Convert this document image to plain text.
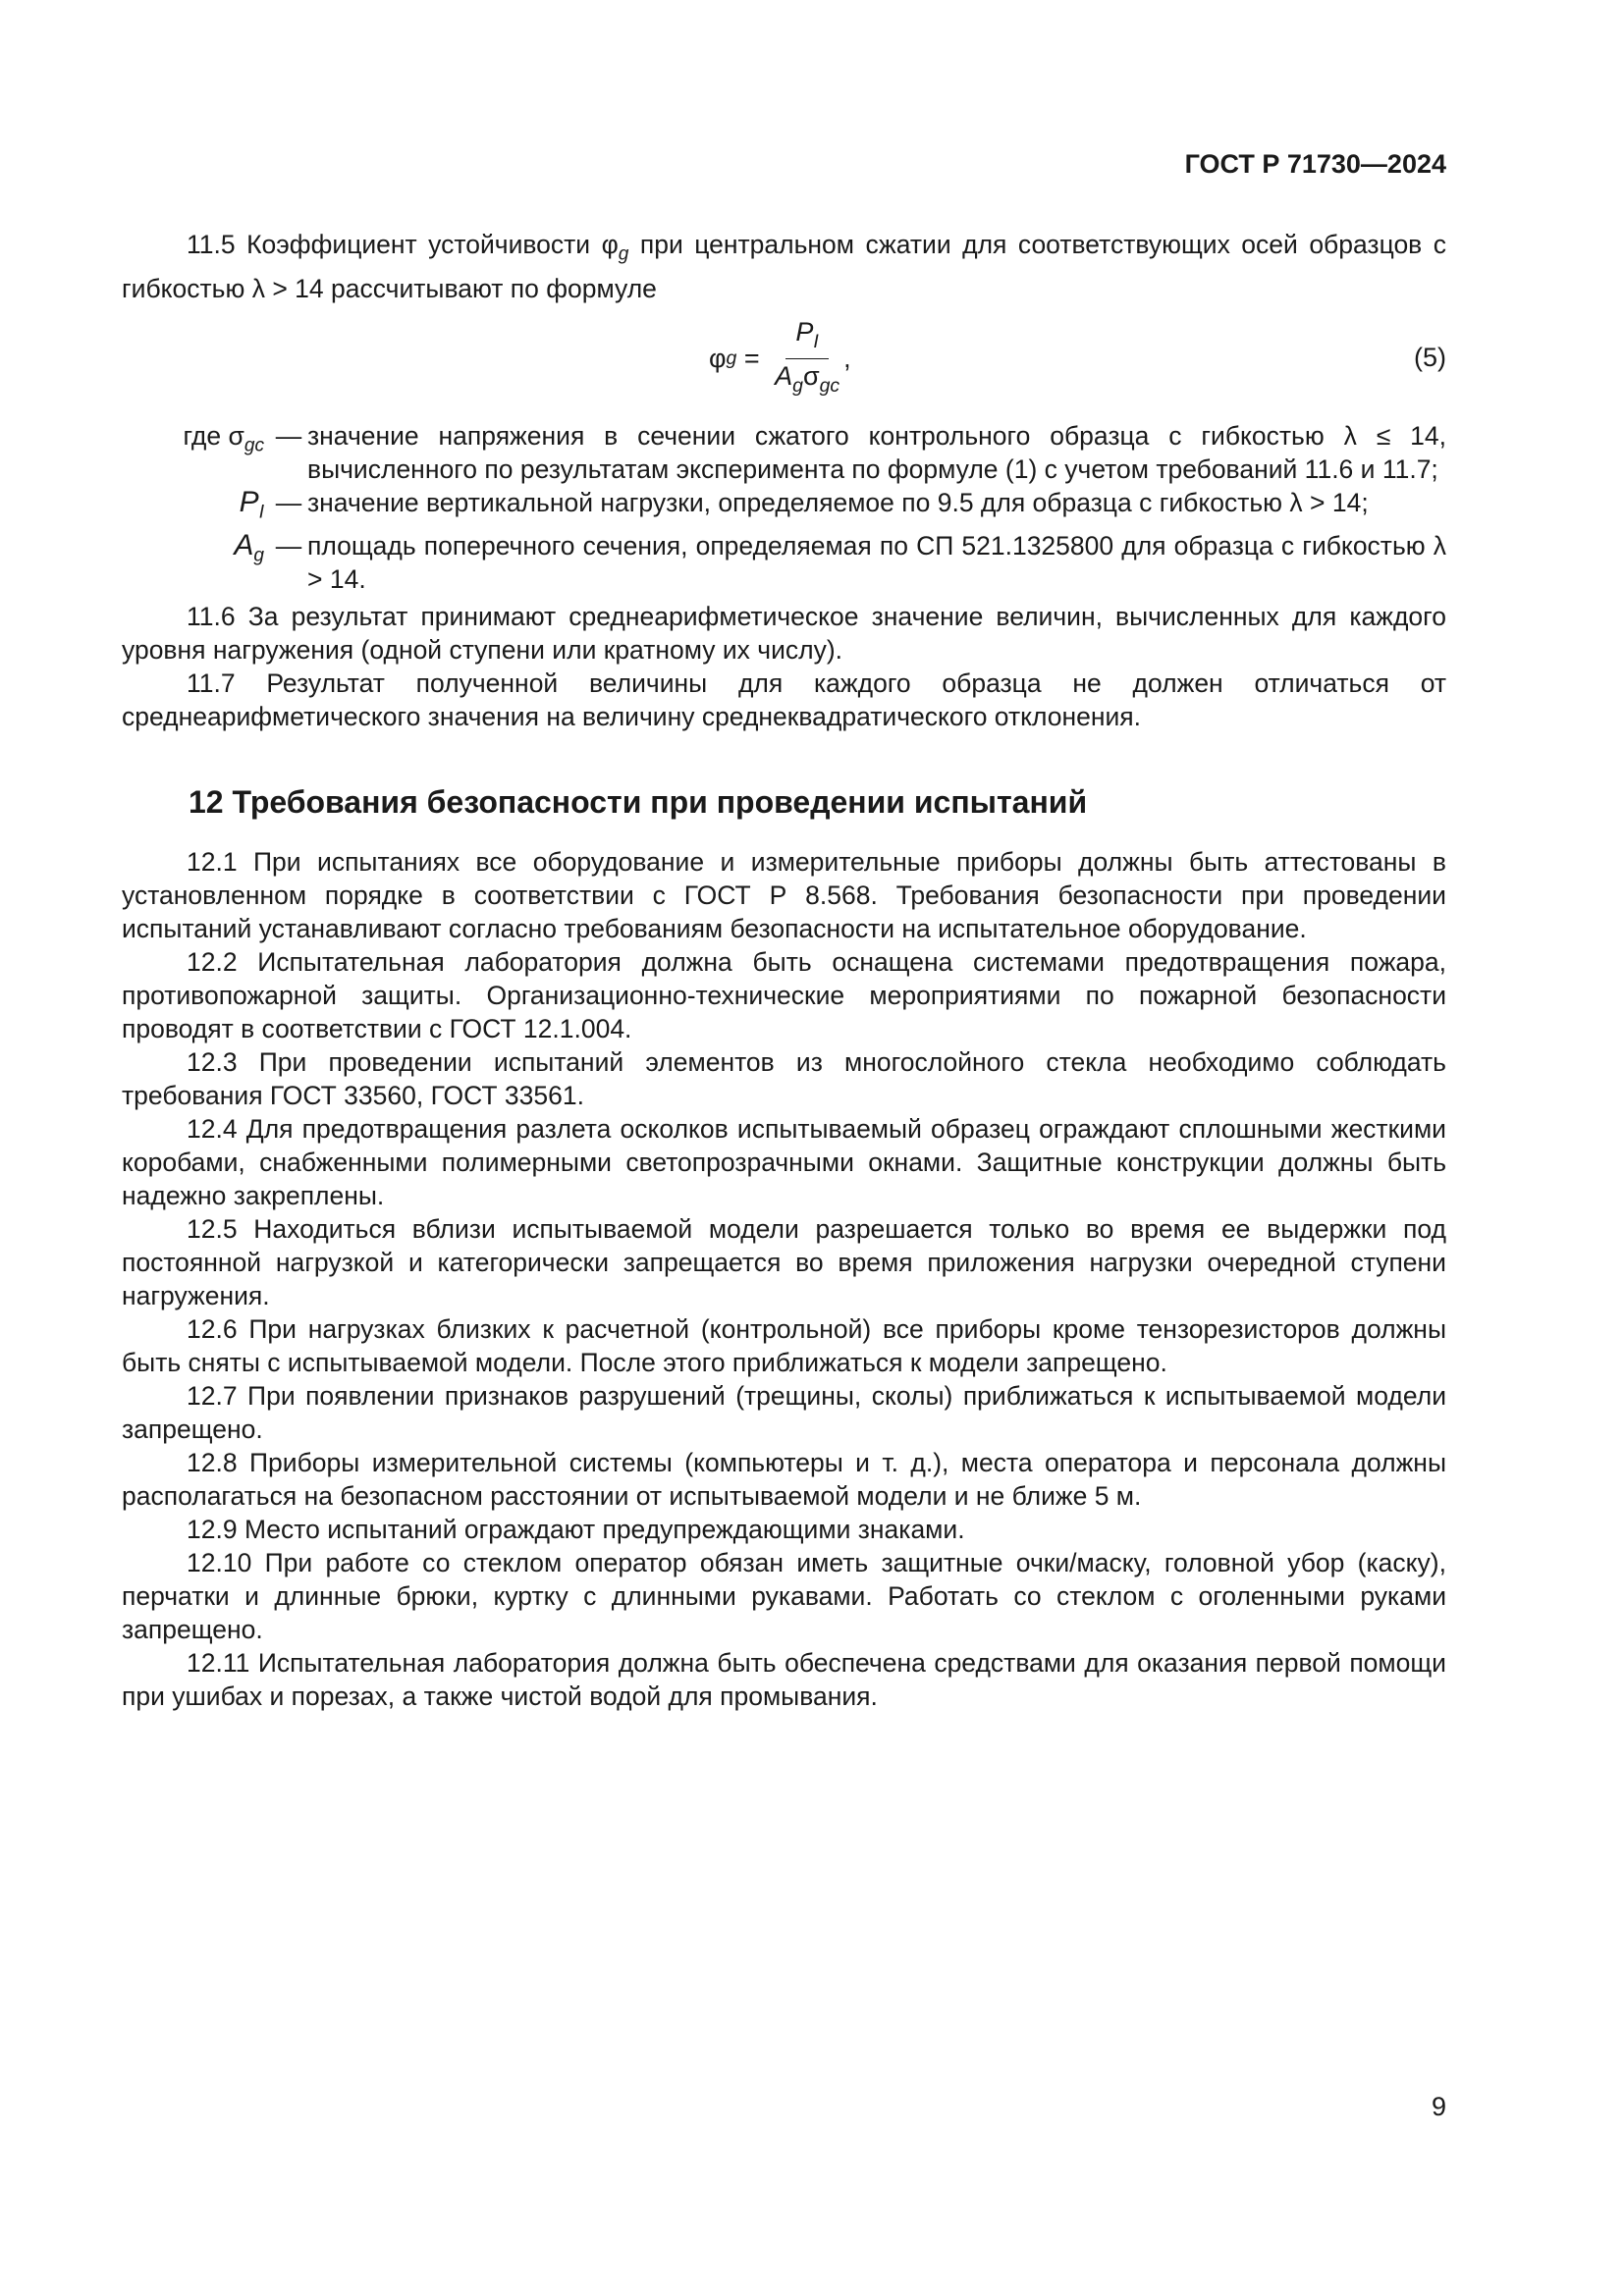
ГОСТ Р 71730—2024

11.5 Коэффициент устойчивости $\varphi_g$ при центральном сжатии для соответствующих осей образцов с гибкостью λ > 14 рассчитывают по формуле

φ $g = \frac{P_I}{A_g\sigma_{gc}}$ ,	(5)
где $\sigma_{gc}$	—	значение напряжения в сечении сжатого контрольного образца с гибкостью λ ≤ 14, вычисленного по результатам эксперимента по формуле (1) с учетом требований 11.6 и 11.7;
$P_I$	—	значение вертикальной нагрузки, определяемое по 9.5 для образца с гибкостью λ > 14;
$A_g$	—	площадь поперечного сечения, определяемая по СП 521.1325800 для образца с гибкостью λ > 14.

11.6 За результат принимают среднеарифметическое значение величин, вычисленных для каждого уровня нагружения (одной ступени или кратному их числу).

11.7 Результат полученной величины для каждого образца не должен отличаться от среднеарифметического значения на величину среднеквадратического отклонения.

12 Требования безопасности при проведении испытаний

12.1 При испытаниях все оборудование и измерительные приборы должны быть аттестованы в установленном порядке в соответствии с ГОСТ Р 8.568. Требования безопасности при проведении испытаний устанавливают согласно требованиям безопасности на испытательное оборудование.

12.2 Испытательная лаборатория должна быть оснащена системами предотвращения пожара, противопожарной защиты. Организационно-технические мероприятиями по пожарной безопасности проводят в соответствии с ГОСТ 12.1.004.

12.3 При проведении испытаний элементов из многослойного стекла необходимо соблюдать требования ГОСТ 33560, ГОСТ 33561.

12.4 Для предотвращения разлета осколков испытываемый образец ограждают сплошными жесткими коробами, снабженными полимерными светопрозрачными окнами. Защитные конструкции должны быть надежно закреплены.

12.5 Находиться вблизи испытываемой модели разрешается только во время ее выдержки под постоянной нагрузкой и категорически запрещается во время приложения нагрузки очередной ступени нагружения.

12.6 При нагрузках близких к расчетной (контрольной) все приборы кроме тензорезисторов должны быть сняты с испытываемой модели. После этого приближаться к модели запрещено.

12.7 При появлении признаков разрушений (трещины, сколы) приближаться к испытываемой модели запрещено.

12.8 Приборы измерительной системы (компьютеры и т. д.), места оператора и персонала должны располагаться на безопасном расстоянии от испытываемой модели и не ближе 5 м.

12.9 Место испытаний ограждают предупреждающими знаками.

12.10 При работе со стеклом оператор обязан иметь защитные очки/маску, головной убор (каску), перчатки и длинные брюки, куртку с длинными рукавами. Работать со стеклом с оголенными руками запрещено.

12.11 Испытательная лаборатория должна быть обеспечена средствами для оказания первой помощи при ушибах и порезах, а также чистой водой для промывания.

9
